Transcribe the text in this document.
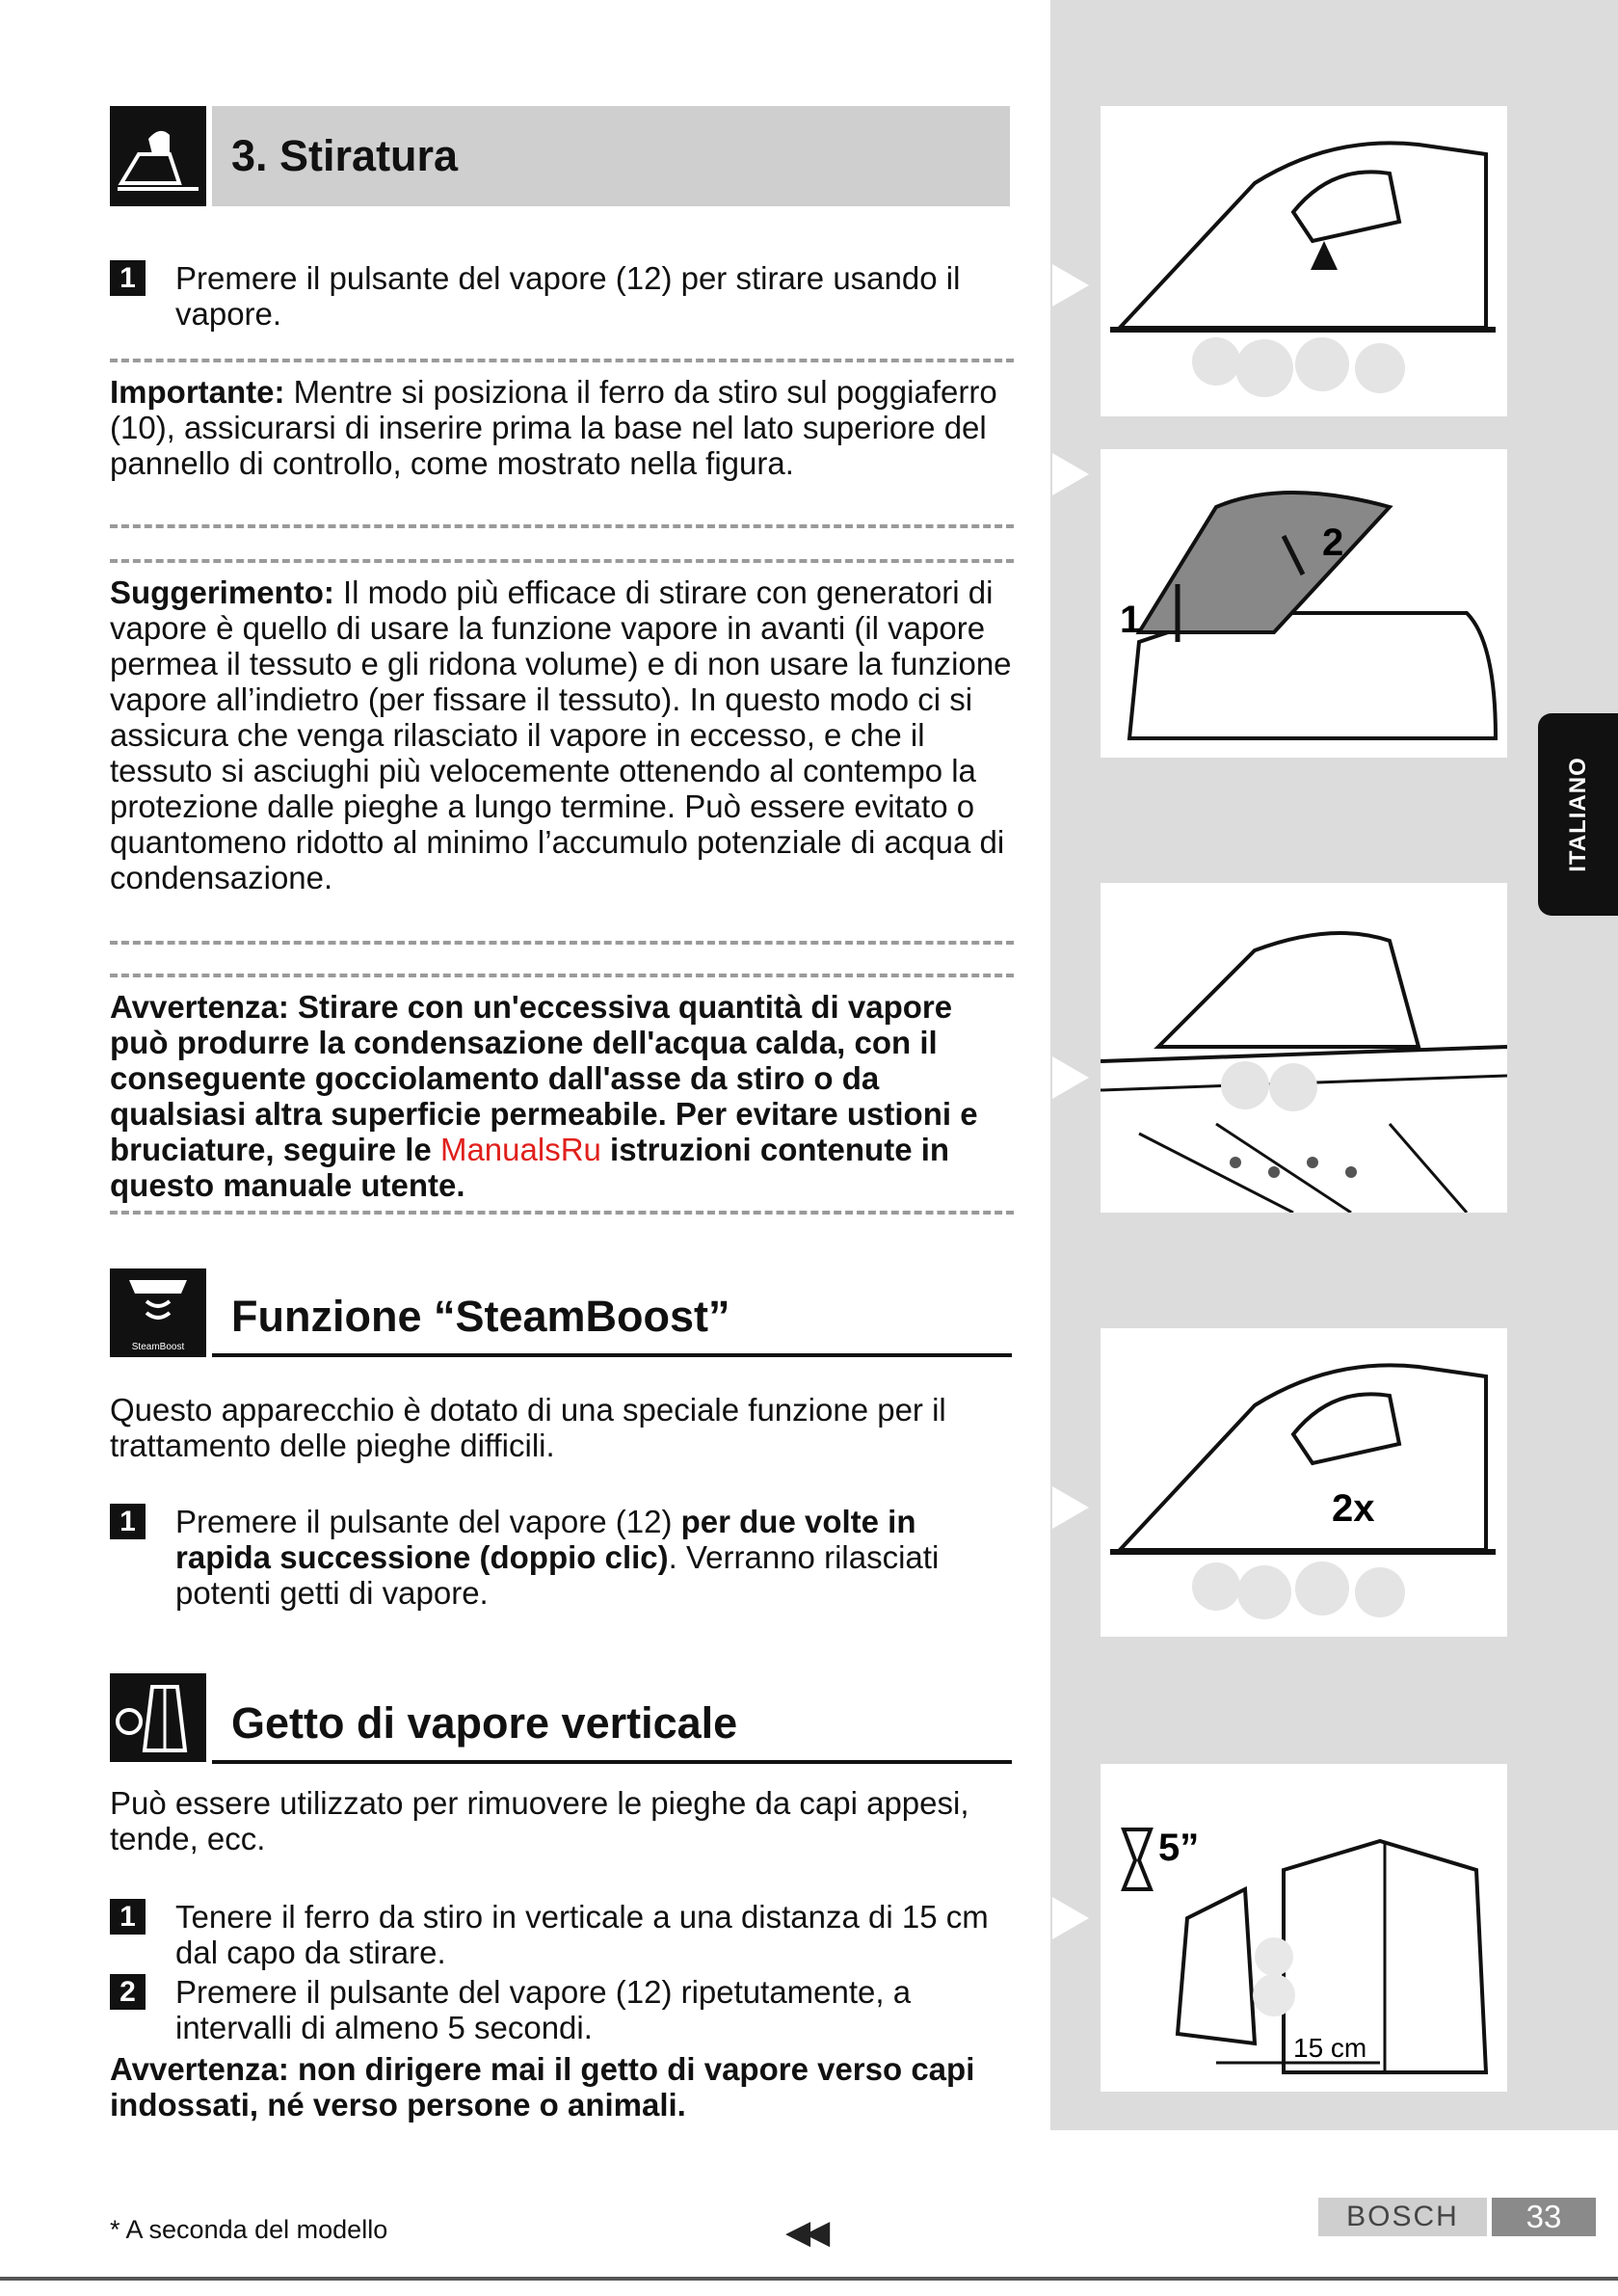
3. Stiratura
1	Premere il pulsante del vapore (12) per stirare usando il vapore.
Importante: Mentre si posiziona il ferro da stiro sul poggiaferro (10), assicurarsi di inserire prima la base nel lato superiore del pannello di controllo, come mostrato nella figura.
Suggerimento: Il modo più efficace di stirare con generatori di vapore è quello di usare la funzione vapore in avanti (il vapore permea il tessuto e gli ridona volume) e di non usare la funzione vapore all’indietro (per fissare il tessuto). In questo modo ci si assicura che venga rilasciato il vapore in eccesso, e che il tessuto si asciughi più velocemente ottenendo al contempo la protezione dalle pieghe a lungo termine. Può essere evitato o quantomeno ridotto al minimo l’accumulo potenziale di acqua di condensazione.
Avvertenza: Stirare con un'eccessiva quantità di vapore può produrre la condensazione dell'acqua calda, con il conseguente gocciolamento dall'asse da stiro o da qualsiasi altra superficie permeabile. Per evitare ustioni e bruciature, seguire le ManualsRu istruzioni contenute in questo manuale utente.
SteamBoost
Funzione “SteamBoost”
Questo apparecchio è dotato di una speciale funzione per il trattamento delle pieghe difficili.
1	Premere il pulsante del vapore (12) per due volte in rapida successione (doppio clic). Verranno rilasciati potenti getti di vapore.
Getto di vapore verticale
Può essere utilizzato per rimuovere le pieghe da capi appesi, tende, ecc.
1	Tenere il ferro da stiro in verticale a una distanza di 15 cm dal capo da stirare.
2	Premere il pulsante del vapore (12) ripetutamente, a intervalli di almeno 5 secondi.
Avvertenza: non dirigere mai il getto di vapore verso capi indossati, né verso persone o animali.
1
2
ITALIANO
2x
5”
15 cm
* A seconda del modello	◀◀	BOSCH	33
